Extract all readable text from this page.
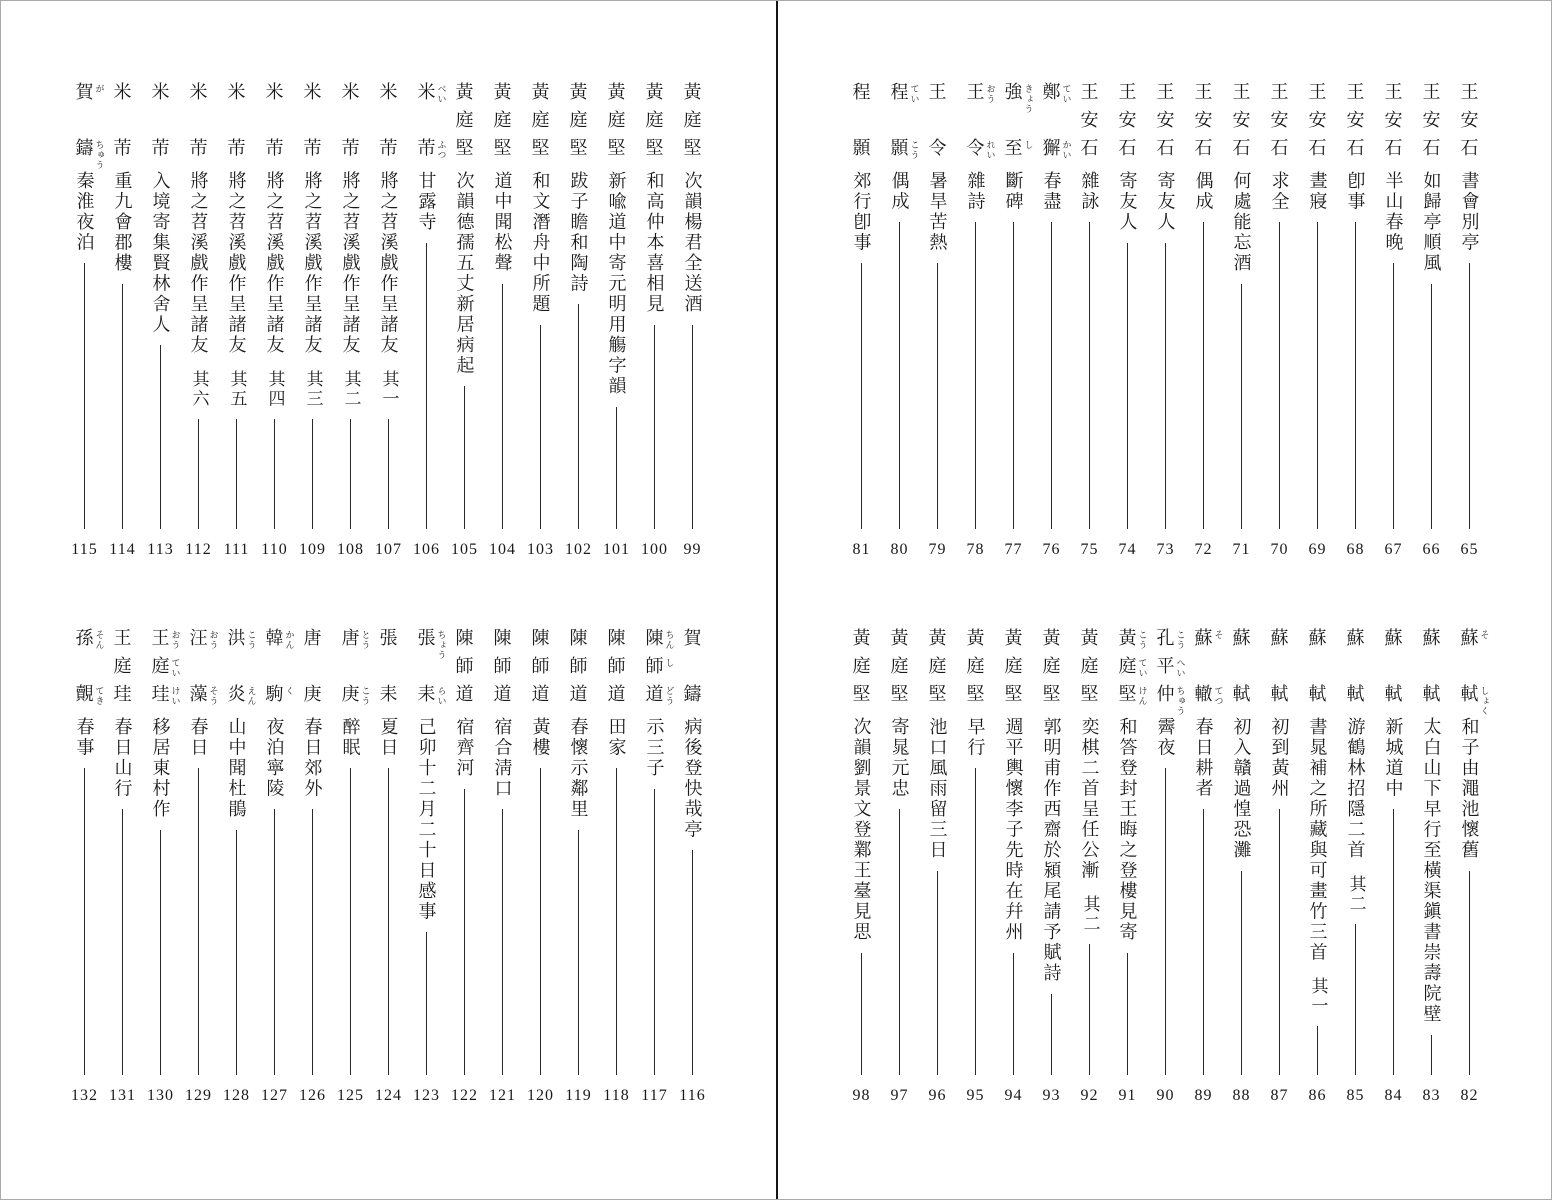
王
安
石
書會別亭
65
王
安
石
如歸亭順風
66
王
安
石
半山春晚
67
王
安
石
卽事
68
王
安
石
晝寢
69
王
安
石
求全
70
王
安
石
何處能忘酒
71
王
安
石
偶成
72
王
安
石
寄友人
73
王
安
石
寄友人
74
王
安
石
雜詠
75
鄭 てい
獬 かい
春盡
76
強 きょう
至 し
斷碑
77
王 おう
令 れい
雜詩
78
王
令
暑旱苦熱
79
程 てい
顥 こう
偶成
80
程
顥
郊行卽事
81
蘇 そ
軾 しょく
和子由澠池懷舊
82
蘇
軾
太白山下早行至橫渠鎭書崇壽院壁
83
蘇
軾
新城道中
84
蘇
軾
游鶴林招隱二首
其二
85
蘇
軾
書晁補之所藏與可畫竹三首
其一
86
蘇
軾
初到黃州
87
蘇
軾
初入贛過惶恐灘
88
蘇 そ
轍 てつ
春日耕者
89
孔 こう
平 へい
仲 ちゅう
霽夜
90
黃 こう
庭 てい
堅 けん
和答登封王晦之登樓見寄
91
黃
庭
堅
奕棋二首呈任公漸
其二
92
黃
庭
堅
郭明甫作西齋於潁尾請予賦詩
93
黃
庭
堅
週平輿懷李子先時在幷州
94
黃
庭
堅
早行
95
黃
庭
堅
池口風雨留三日
96
黃
庭
堅
寄晁元忠
97
黃
庭
堅
次韻劉景文登鄴王臺見思
98
黃
庭
堅
次韻楊君全送酒
99
黃
庭
堅
和高仲本喜相見
100
黃
庭
堅
新喩道中寄元明用觴字韻
101
黃
庭
堅
跋子瞻和陶詩
102
黃
庭
堅
和文潛舟中所題
103
黃
庭
堅
道中聞松聲
104
黃
庭
堅
次韻德孺五丈新居病起
105
米 べい
芾 ふつ
甘露寺
106
米
芾
將之苕溪戲作呈諸友
其一
107
米
芾
將之苕溪戲作呈諸友
其二
108
米
芾
將之苕溪戲作呈諸友
其三
109
米
芾
將之苕溪戲作呈諸友
其四
110
米
芾
將之苕溪戲作呈諸友
其五
111
米
芾
將之苕溪戲作呈諸友
其六
112
米
芾
入境寄集賢林舍人
113
米
芾
重九會郡樓
114
賀 が
鑄 ちゅう
秦淮夜泊
115
賀
鑄
病後登快哉亭
116
陳 ちん
師 し
道 どう
示三子
117
陳
師
道
田家
118
陳
師
道
春懷示鄰里
119
陳
師
道
黃樓
120
陳
師
道
宿合淸口
121
陳
師
道
宿齊河
122
張 ちょう
耒 らい
己卯十二月二十日感事
123
張
耒
夏日
124
唐 とう
庚 こう
醉眠
125
唐
庚
春日郊外
126
韓 かん
駒 く
夜泊寧陵
127
洪 こう
炎 えん
山中聞杜鵑
128
汪 おう
藻 そう
春日
129
王 おう
庭 てい
珪 けい
移居東村作
130
王
庭
珪
春日山行
131
孫 そん
覿 てき
春事
132
